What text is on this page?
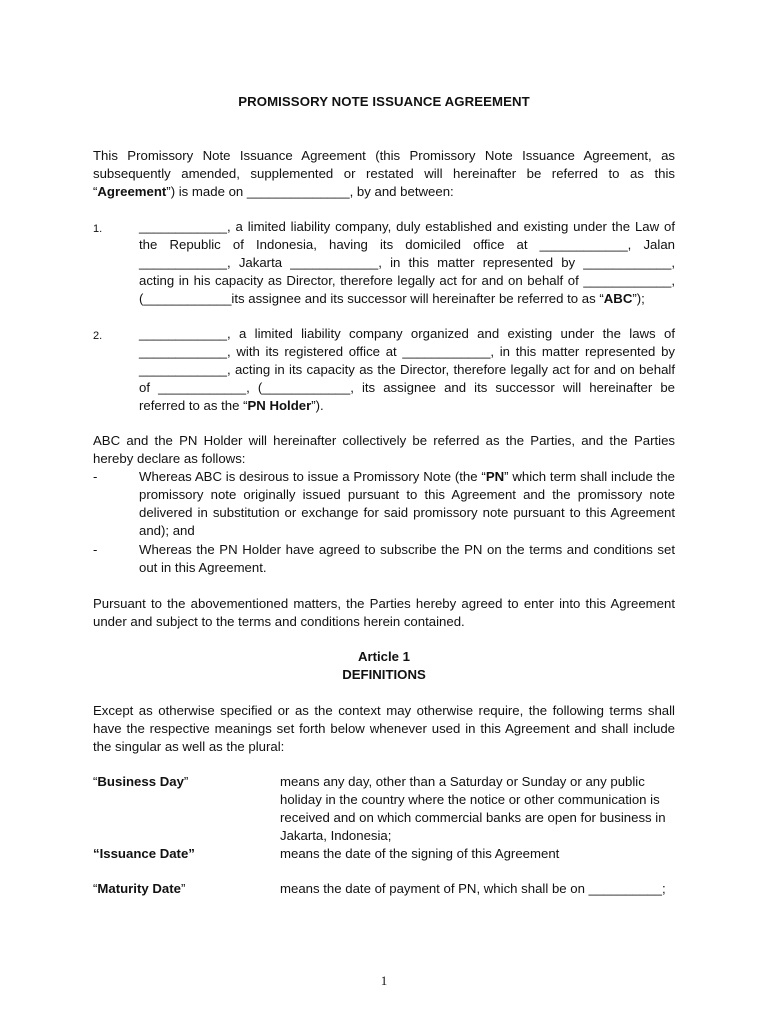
PROMISSORY NOTE ISSUANCE AGREEMENT
This Promissory Note Issuance Agreement (this Promissory Note Issuance Agreement, as subsequently amended, supplemented or restated will hereinafter be referred to as this “Agreement”) is made on ______________, by and between:
1.	____________, a limited liability company, duly established and existing under the Law of the Republic of Indonesia, having its domiciled office at ____________, Jalan ____________, Jakarta ____________, in this matter represented by ____________, acting in his capacity as Director, therefore legally act for and on behalf of ____________, (____________its assignee and its successor will hereinafter be referred to as “ABC”);
2.	____________, a limited liability company organized and existing under the laws of ____________, with its registered office at ____________, in this matter represented by ____________, acting in its capacity as the Director, therefore legally act for and on behalf of ____________, (____________, its assignee and its successor will hereinafter be referred to as the “PN Holder”).
ABC and the PN Holder will hereinafter collectively be referred as the Parties, and the Parties hereby declare as follows:
-	Whereas ABC is desirous to issue a Promissory Note (the “PN” which term shall include the promissory note originally issued pursuant to this Agreement and the promissory note delivered in substitution or exchange for said promissory note pursuant to this Agreement and); and
-	Whereas the PN Holder have agreed to subscribe the PN on the terms and conditions set out in this Agreement.
Pursuant to the abovementioned matters, the Parties hereby agreed to enter into this Agreement under and subject to the terms and conditions herein contained.
Article 1
DEFINITIONS
Except as otherwise specified or as the context may otherwise require, the following terms shall have the respective meanings set forth below whenever used in this Agreement and shall include the singular as well as the plural:
“Business Day”	means any day, other than a Saturday or Sunday or any public holiday in the country where the notice or other communication is received and on which commercial banks are open for business in Jakarta, Indonesia;
“Issuance Date”	means the date of the signing of this Agreement
“Maturity Date”	means the date of payment of PN, which shall be on __________;
1
